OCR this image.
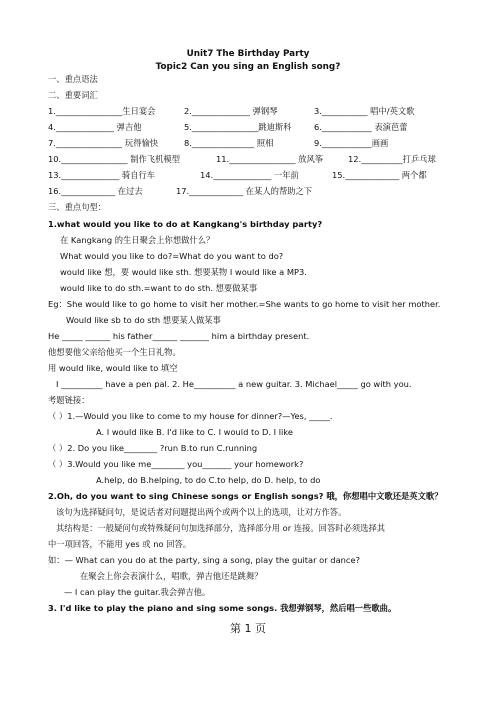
Unit7 The Birthday Party
Topic2 Can you sing an English song?
一、重点语法
二、重要词汇
1.________________生日宴会	2.______________ 弹钢琴	3.___________ 唱中/英文歌
4.______________ 弹吉他	5.________________跳迪斯科	6.____________ 表演芭蕾
7.________________ 玩得愉快	8._______________ 照相	9.____________画画
10.________________ 制作飞机模型	11.________________ 放风筝	12.__________打乒乓球
13.______________ 骑自行车	14.______________ 一年前	15._____________ 两个都
16._____________ 在过去	17._____________ 在某人的帮助之下
三、重点句型：
1.what would you like to do at Kangkang's birthday party?
在 Kangkang 的生日聚会上你想做什么？
What would you like to do?=What do you want to do?
would like 想，要 would like sth. 想要某物 I would like a MP3.
would like to do sth.=want to do sth. 想要做某事
Eg：She would like to go home to visit her mother.=She wants to go home to visit her mother.
Would like sb to do sth 想要某人做某事
He _____ ______ his father______ _______ him a birthday present.
他想要他父亲给他买一个生日礼物。
用 would like, would like to 填空
I __________ have a pen pal. 2. He__________ a new guitar. 3. Michael_____ go with you.
考题链接：
（ ）1.—Would you like to come to my house for dinner?—Yes, _____.
A. I would like B. I'd like to C. I would to D. I like
（ ）2. Do you like________ ?run B.to run C.running
（ ）3.Would you like me________ you_______ your homework?
A.help, do B.helping, to do C.to help, do D. help, to do
2.Oh, do you want to sing Chinese songs or English songs? 哦，你想唱中文歌还是英文歌？
该句为选择疑问句，是说话者对问题提出两个或两个以上的选项，让对方作答。
其结构是：一般疑问句或特殊疑问句加选择部分，选择部分用 or 连接。回答时必须选择其
中一项回答，不能用 yes 或 no 回答。
如：— What can you do at the party, sing a song, play the guitar or dance?
在聚会上你会表演什么，唱歌，弹吉他还是跳舞？
— I can play the guitar.我会弹吉他。
3. I'd like to play the piano and sing some songs. 我想弹钢琴，然后唱一些歌曲。
第 1 页
